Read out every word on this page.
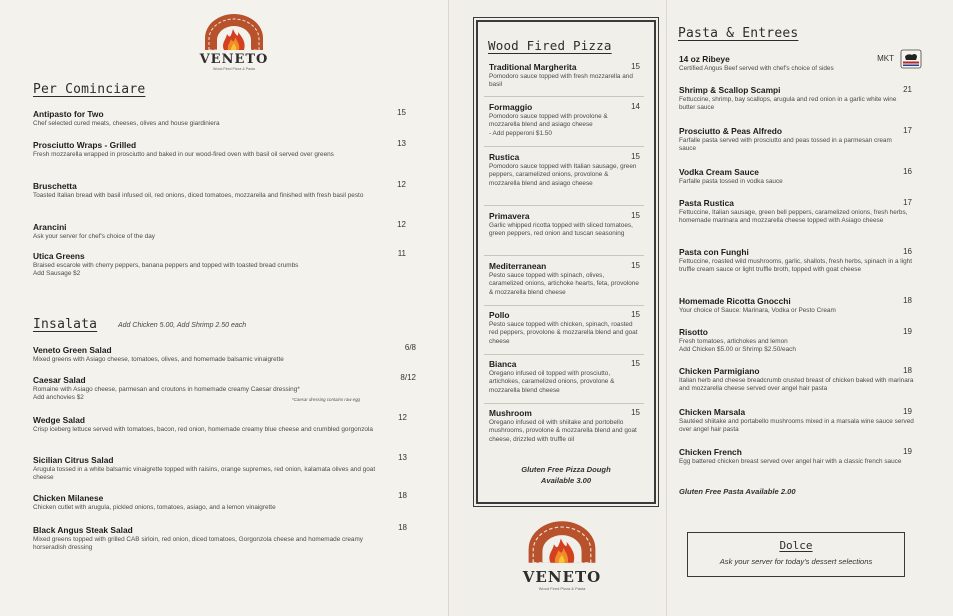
VENETO
Wood Fired Pizza & Pasta
Per Cominciare
Antipasto for Two
Chef selected cured meats, cheeses, olives and house giardiniera
15
Prosciutto Wraps - Grilled
Fresh mozzarella wrapped in prosciutto and baked in our wood-fired oven with basil oil served over greens
13
Bruschetta
Toasted Italian bread with basil infused oil, red onions, diced tomatoes, mozzarella and finished with fresh basil pesto
12
Arancini
Ask your server for chef's choice of the day
12
Utica Greens
Braised escarole with cherry peppers, banana peppers and topped with toasted bread crumbs
Add Sausage $2
11
Insalata	Add Chicken 5.00, Add Shrimp 2.50 each
Veneto Green Salad
Mixed greens with Asiago cheese, tomatoes, olives, and homemade balsamic vinaigrette
6/8
Caesar Salad
Romaine with Asiago cheese, parmesan and croutons in homemade creamy Caesar dressing*
Add anchovies $2	*Caesar dressing contains raw egg
8/12
Wedge Salad
Crisp iceberg lettuce served with tomatoes, bacon, red onion, homemade creamy blue cheese and crumbled gorgonzola
12
Sicilian Citrus Salad
Arugula tossed in a white balsamic vinaigrette topped with raisins, orange supremes, red onion, kalamata olives and goat cheese
13
Chicken Milanese
Chicken cutlet with arugula, pickled onions, tomatoes, asiago, and a lemon vinaigrette
18
Black Angus Steak Salad
Mixed greens topped with grilled CAB sirloin, red onion, diced tomatoes, Gorgonzola cheese and homemade creamy horseradish dressing
18
Wood Fired Pizza
Traditional Margherita
Pomodoro sauce topped with fresh mozzarella and basil
15
Formaggio
Pomodoro sauce topped with provolone & mozzarella blend and asiago cheese
- Add pepperoni $1.50
14
Rustica
Pomodoro sauce topped with Italian sausage, green peppers, caramelized onions, provolone & mozzarella blend and asiago cheese
15
Primavera
Garlic whipped ricotta topped with sliced tomatoes, green peppers, red onion and tuscan seasoning
15
Mediterranean
Pesto sauce topped with spinach, olives, caramelized onions, artichoke hearts, feta, provolone & mozzarella blend cheese
15
Pollo
Pesto sauce topped with chicken, spinach, roasted red peppers, provolone & mozzarella blend and goat cheese
15
Bianca
Oregano infused oil topped with prosciutto, artichokes, caramelized onions, provolone & mozzarella blend cheese
15
Mushroom
Oregano infused oil with shiitake and portobello mushrooms, provolone & mozzarella blend and goat cheese, drizzled with truffle oil
15
Gluten Free Pizza Dough
Available 3.00
VENETO
Wood Fired Pizza & Pasta
Pasta & Entrees
14 oz Ribeye
Certified Angus Beef served with chef's choice of sides
MKT
Shrimp & Scallop Scampi
Fettuccine, shrimp, bay scallops, arugula and red onion in a garlic white wine butter sauce
21
Prosciutto & Peas Alfredo
Farfalle pasta served with prosciutto and peas tossed in a parmesan cream sauce
17
Vodka Cream Sauce
Farfalle pasta tossed in vodka sauce
16
Pasta Rustica
Fettuccine, Italian sausage, green bell peppers, caramelized onions, fresh herbs, homemade marinara and mozzarella cheese topped with Asiago cheese
17
Pasta con Funghi
Fettuccine, roasted wild mushrooms, garlic, shallots, fresh herbs, spinach in a light truffle cream sauce or light truffle broth, topped with goat cheese
16
Homemade Ricotta Gnocchi
Your choice of Sauce: Marinara, Vodka or Pesto Cream
18
Risotto
Fresh tomatoes, artichokes and lemon
Add Chicken $5.00 or Shrimp $2.50/each
19
Chicken Parmigiano
Italian herb and cheese breadcrumb crusted breast of chicken baked with marinara and mozzarella cheese served over angel hair pasta
18
Chicken Marsala
Sautéed shiitake and portabello mushrooms mixed in a marsala wine sauce served over angel hair pasta
19
Chicken French
Egg battered chicken breast served over angel hair with a classic french sauce
19
Gluten Free Pasta Available 2.00
Dolce
Ask your server for today's dessert selections
